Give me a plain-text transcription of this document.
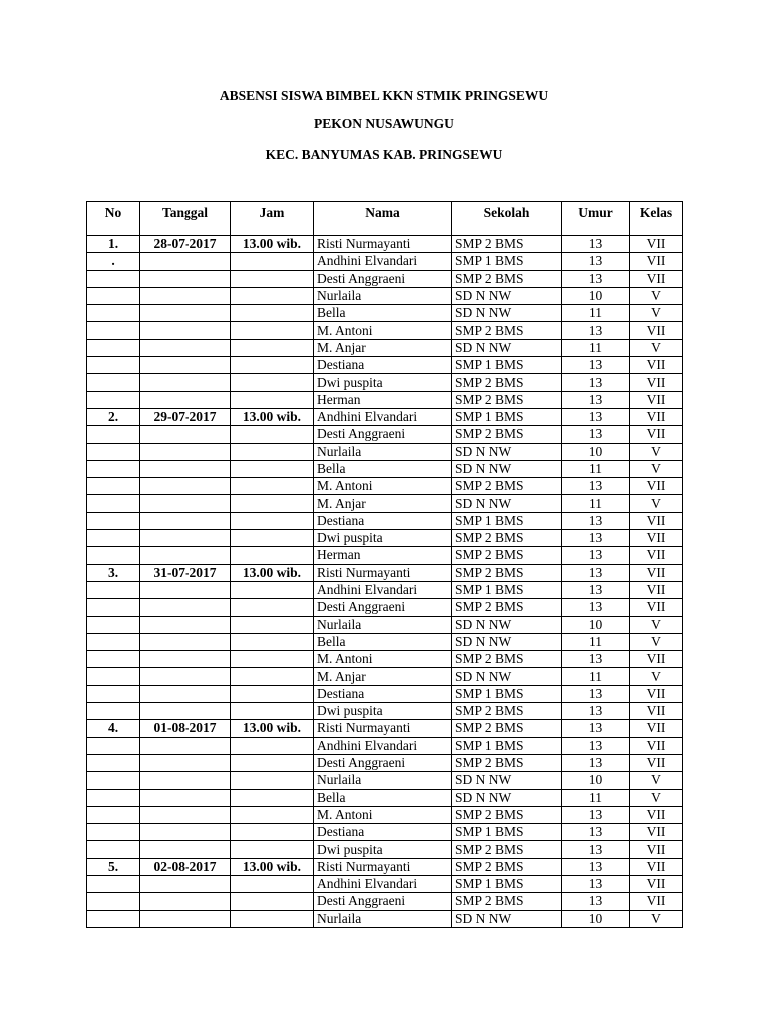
ABSENSI SISWA BIMBEL KKN STMIK PRINGSEWU
PEKON NUSAWUNGU
KEC. BANYUMAS KAB. PRINGSEWU
No	Tanggal	Jam	Nama	Sekolah	Umur	Kelas
1.	28-07-2017	13.00 wib.	Risti Nurmayanti	SMP 2 BMS	13	VII
.			Andhini Elvandari	SMP 1 BMS	13	VII
			Desti Anggraeni	SMP 2 BMS	13	VII
			Nurlaila	SD N NW	10	V
			Bella	SD N NW	11	V
			M. Antoni	SMP 2 BMS	13	VII
			M. Anjar	SD N NW	11	V
			Destiana	SMP 1 BMS	13	VII
			Dwi puspita	SMP 2 BMS	13	VII
			Herman	SMP 2 BMS	13	VII
2.	29-07-2017	13.00 wib.	Andhini Elvandari	SMP 1 BMS	13	VII
			Desti Anggraeni	SMP 2 BMS	13	VII
			Nurlaila	SD N NW	10	V
			Bella	SD N NW	11	V
			M. Antoni	SMP 2 BMS	13	VII
			M. Anjar	SD N NW	11	V
			Destiana	SMP 1 BMS	13	VII
			Dwi puspita	SMP 2 BMS	13	VII
			Herman	SMP 2 BMS	13	VII
3.	31-07-2017	13.00 wib.	Risti Nurmayanti	SMP 2 BMS	13	VII
			Andhini Elvandari	SMP 1 BMS	13	VII
			Desti Anggraeni	SMP 2 BMS	13	VII
			Nurlaila	SD N NW	10	V
			Bella	SD N NW	11	V
			M. Antoni	SMP 2 BMS	13	VII
			M. Anjar	SD N NW	11	V
			Destiana	SMP 1 BMS	13	VII
			Dwi puspita	SMP 2 BMS	13	VII
4.	01-08-2017	13.00 wib.	Risti Nurmayanti	SMP 2 BMS	13	VII
			Andhini Elvandari	SMP 1 BMS	13	VII
			Desti Anggraeni	SMP 2 BMS	13	VII
			Nurlaila	SD N NW	10	V
			Bella	SD N NW	11	V
			M. Antoni	SMP 2 BMS	13	VII
			Destiana	SMP 1 BMS	13	VII
			Dwi puspita	SMP 2 BMS	13	VII
5.	02-08-2017	13.00 wib.	Risti Nurmayanti	SMP 2 BMS	13	VII
			Andhini Elvandari	SMP 1 BMS	13	VII
			Desti Anggraeni	SMP 2 BMS	13	VII
			Nurlaila	SD N NW	10	V
